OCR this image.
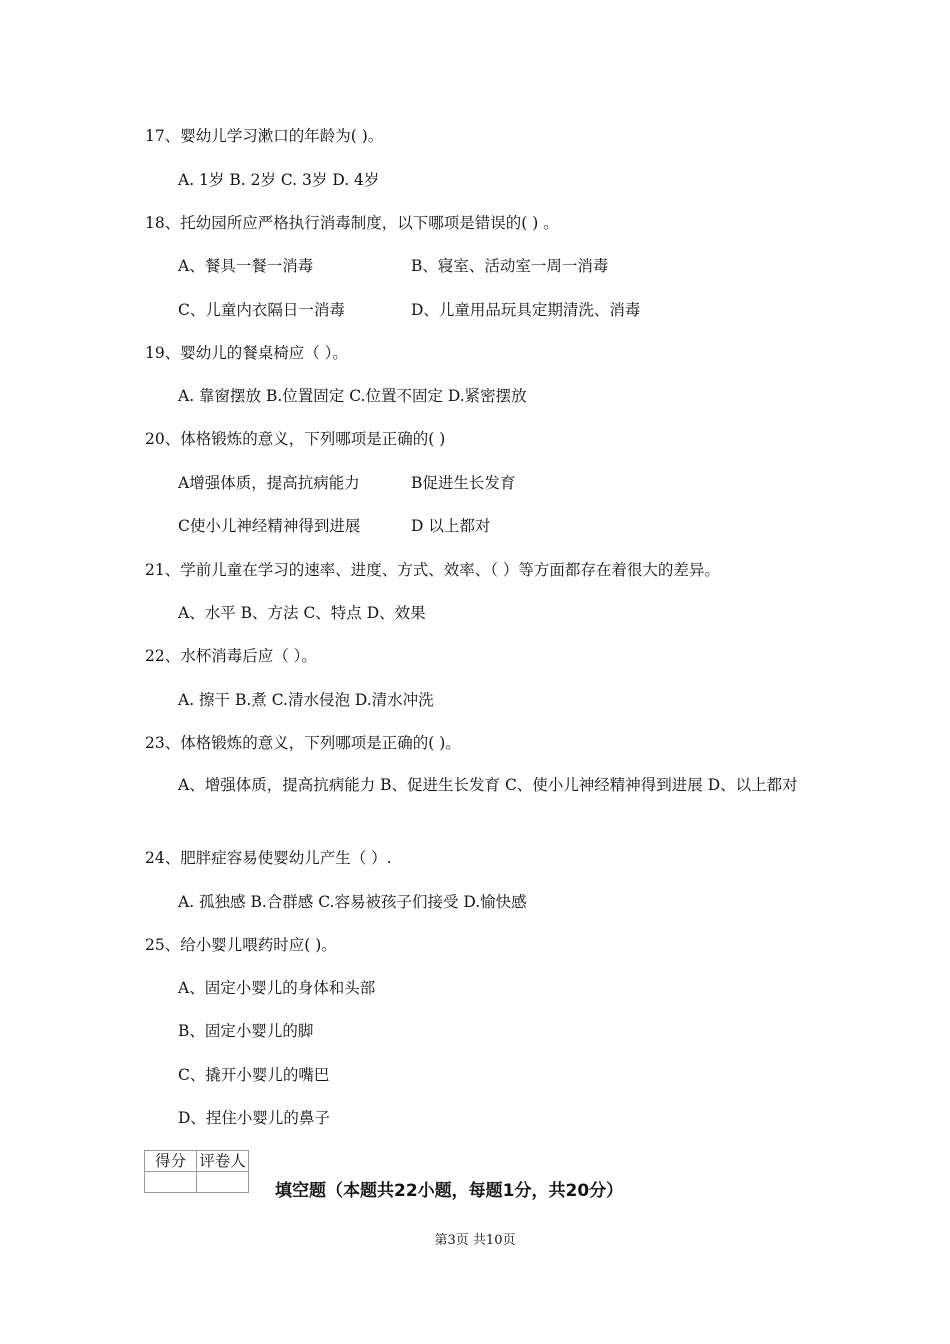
17、婴幼儿学习漱口的年龄为( )。
A. 1岁 B. 2岁 C. 3岁 D. 4岁
18、托幼园所应严格执行消毒制度，以下哪项是错误的( ) 。
A、餐具一餐一消毒	B、寝室、活动室一周一消毒
C、儿童内衣隔日一消毒	D、儿童用品玩具定期清洗、消毒
19、婴幼儿的餐桌椅应（ ）。
A. 靠窗摆放 B.位置固定 C.位置不固定 D.紧密摆放
20、体格锻炼的意义，下列哪项是正确的( )
A增强体质，提高抗病能力	B促进生长发育
C使小儿神经精神得到进展	D 以上都对
21、学前儿童在学习的速率、进度、方式、效率、（ ）等方面都存在着很大的差异。
A、水平 B、方法 C、特点 D、效果
22、水杯消毒后应（ ）。
A. 擦干 B.煮 C.清水侵泡 D.清水冲洗
23、体格锻炼的意义，下列哪项是正确的( )。
A、增强体质，提高抗病能力 B、促进生长发育 C、使小儿神经精神得到进展 D、以上都对
24、肥胖症容易使婴幼儿产生（ ）.
A. 孤独感 B.合群感 C.容易被孩子们接受 D.愉快感
25、给小婴儿喂药时应( )。
A、固定小婴儿的身体和头部
B、固定小婴儿的脚
C、撬开小婴儿的嘴巴
D、捏住小婴儿的鼻子
得分	评卷人

填空题（本题共22小题，每题1分，共20分）
第3页 共10页
